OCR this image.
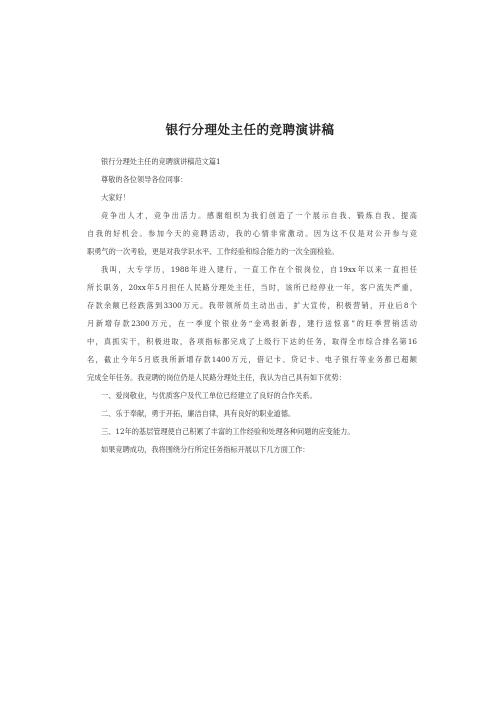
银行分理处主任的竞聘演讲稿

银行分理处主任的竞聘演讲稿范文篇1

尊敬的各位领导各位同事：

大家好！

竞争出人才，竞争出活力。感谢组织为我们创造了一个展示自我、锻炼自我、提高

自我的好机会。参加今天的竞聘活动，我的心情非常激动。因为这不仅是对公开参与竞

职勇气的一次考验，更是对我学识水平、工作经验和综合能力的一次全面检验。

我叫，大专学历，1988年进入建行，一直工作在个银岗位，自19xx年以来一直担任

所长职务，20xx年5月担任人民路分理处主任，当时，该所已经停业一年，客户流失严重，

存款余额已经跌落到3300万元。我带领所员主动出击，扩大宣传，积极营销，开业后8个

月新增存款2300万元，在一季度个银业务“金鸡报新春，建行送惊喜”的旺季营销活动

中，真抓实干，积极进取，各项指标都完成了上级行下达的任务，取得全市综合排名第16

名，截止今年5月底我所新增存款1400万元，借记卡、贷记卡、电子银行等业务都已超额

完成全年任务。我竞聘的岗位仍是人民路分理处主任，我认为自己具有如下优势：

一、爱岗敬业，与优质客户及代工单位已经建立了良好的合作关系。

二、乐于奉献，勇于开拓，廉洁自律，具有良好的职业道德。

三、12年的基层管理使自己积累了丰富的工作经验和处理各种问题的应变能力。

如果竞聘成功，我将围绕分行所定任务指标开展以下几方面工作：
